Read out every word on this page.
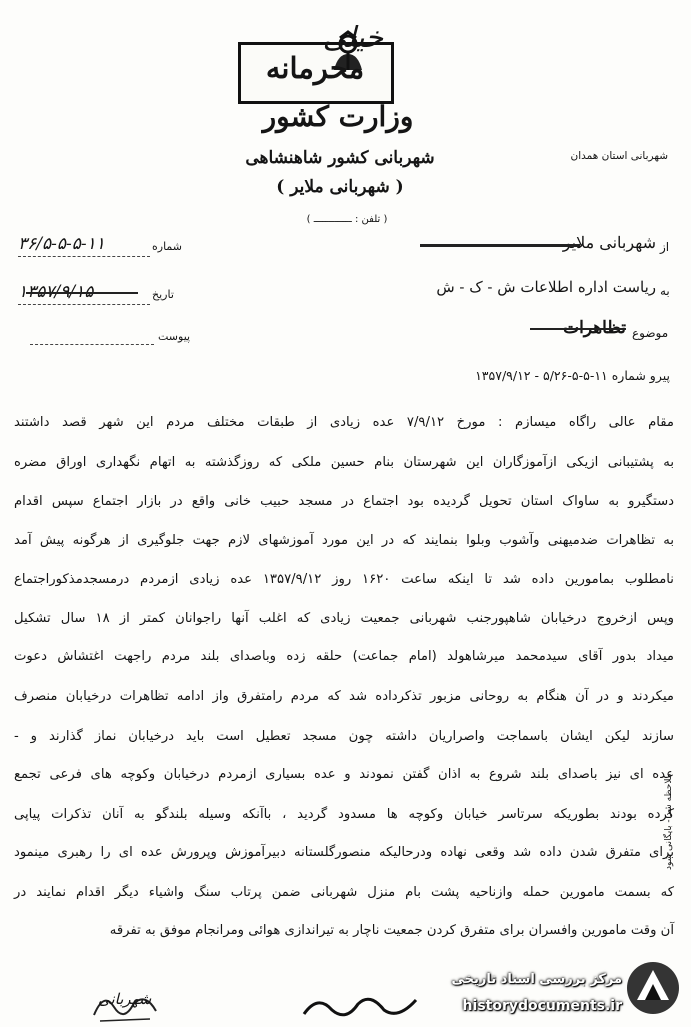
محرمانه
خیلی
وزارت کشور
شهربانی کشور شاهنشاهی
( شهربانی ملایر )
( تلفن : ـــــــــــــ )
شهربانی استان همدان
۳۶/۵-۵-۵-۱۱	شماره
۱۳۵۷/۹/۱۵	تاریخ
پیوست
از
شهربانی ملایر
به
ریاست اداره اطلاعات ش - ک - ش
موضوع
تظاهرات
پیرو شماره ۱۱-۵-۵-۵/۲۶ - ۱۳۵۷/۹/۱۲
مقام عالی راگاه میسازم : مورخ ۷/۹/۱۲ عده زیادی از طبقات مختلف مردم این شهر قصد داشتند
به پشتیبانی ازیکی ازآموزگاران این شهرستان بنام حسین ملکی که روزگذشته به اتهام نگهداری اوراق مضره
دستگیرو به ساواک استان تحویل گردیده بود اجتماع در مسجد حبیب خانی واقع در بازار اجتماع سپس اقدام
به تظاهرات ضدمیهنی وآشوب وبلوا بنمایند که در این مورد آموزشهای لازم جهت جلوگیری از هرگونه پیش آمد
نامطلوب بمامورین داده شد تا اینکه ساعت ۱۶۲۰ روز ۱۳۵۷/۹/۱۲ عده زیادی ازمردم درمسجدمذکوراجتماع
وپس ازخروج درخیابان شاهپورجنب شهربانی جمعیت زیادی که اغلب آنها راجوانان کمتر از ۱۸ سال تشکیل
میداد بدور آقای سیدمحمد میرشاهولد (امام جماعت) حلقه زده وباصدای بلند مردم راجهت اغتشاش دعوت
میکردند و در آن هنگام به روحانی مزبور تذکرداده شد که مردم رامتفرق واز ادامه تظاهرات درخیابان منصرف
سازند لیکن ایشان باسماجت واصراریان داشته چون مسجد تعطیل است باید درخیابان نماز گذارند و -
عده ای نیز باصدای بلند شروع به اذان گفتن نمودند و عده بسیاری ازمردم درخیابان وکوچه های فرعی تجمع
کرده بودند بطوریکه سرتاسر خیابان وکوچه ها مسدود گردید ، باآنکه وسیله بلندگو به آنان تذکرات پیاپی
برای متفرق شدن داده شد وقعی نهاده ودرحالیکه منصورگلستانه دبیرآموزش وپرورش عده ای را رهبری مینمود
که بسمت مامورین حمله وازناحیه پشت بام منزل شهربانی ضمن پرتاب سنگ واشیاء دیگر اقدام نمایند در
آن وقت مامورین وافسران برای متفرق کردن جمعیت ناچار به تیراندازی هوائی ومرانجام موفق به تفرقه
ملاحظه شد - بایگانی شود
شهربانی
مرکز بررسی اسناد تاریخی
historydocuments.ir
